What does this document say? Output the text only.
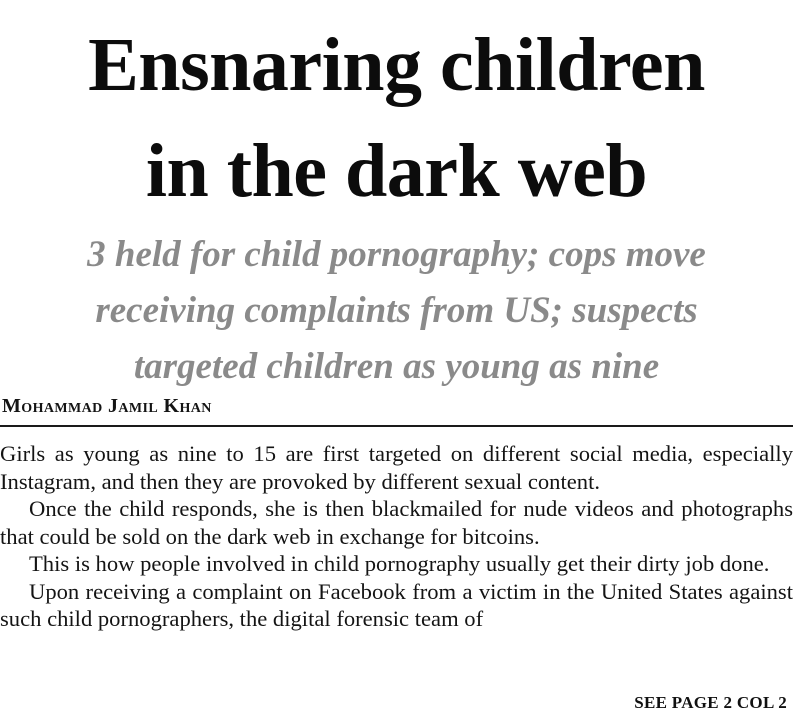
Ensnaring children
in the dark web
3 held for child pornography; cops move
receiving complaints from US; suspects
targeted children as young as nine
Mohammad Jamil Khan

Girls as young as nine to 15 are first targeted on different social media, especially Instagram, and then they are provoked by different sexual content.

Once the child responds, she is then blackmailed for nude videos and photographs that could be sold on the dark web in exchange for bitcoins.

This is how people involved in child pornography usually get their dirty job done.

Upon receiving a complaint on Facebook from a victim in the United States against such child pornographers, the digital forensic team of

SEE PAGE 2 COL 2
